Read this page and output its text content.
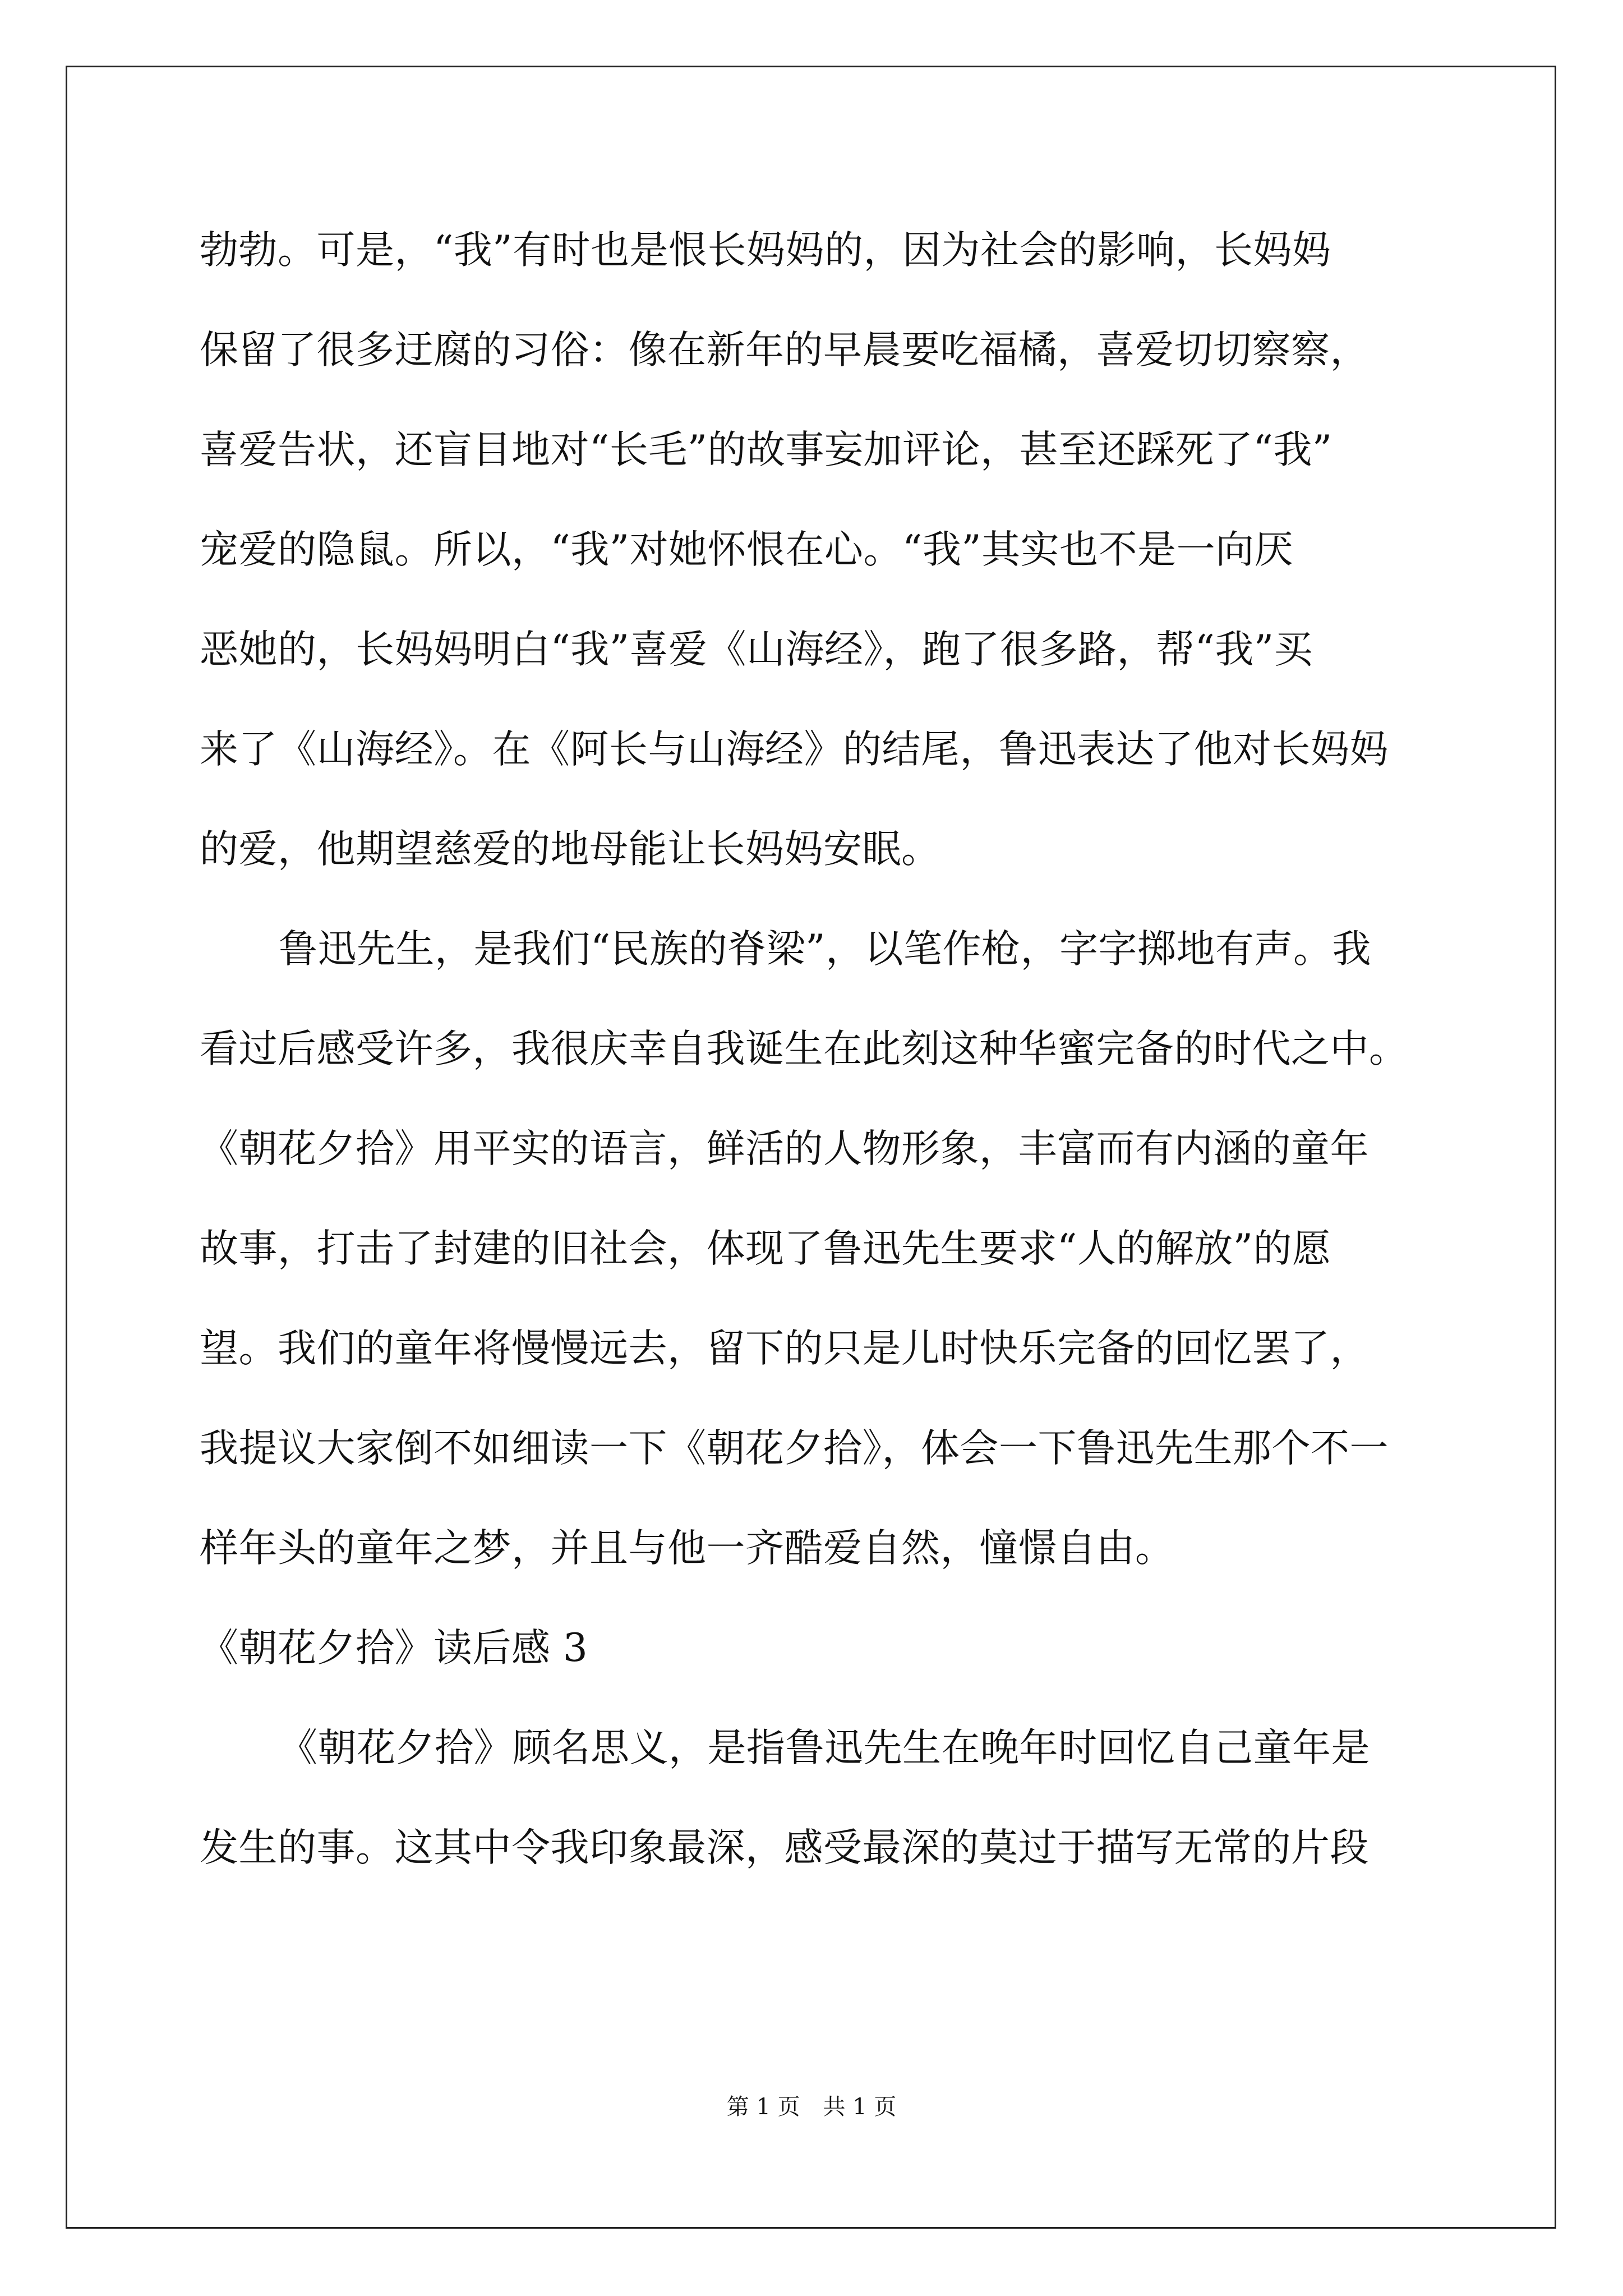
勃勃。可是，“我”有时也是恨长妈妈的，因为社会的影响，长妈妈
保留了很多迂腐的习俗：像在新年的早晨要吃福橘，喜爱切切察察，
喜爱告状，还盲目地对“长毛”的故事妄加评论，甚至还踩死了“我”
宠爱的隐鼠。所以，“我”对她怀恨在心。“我”其实也不是一向厌
恶她的，长妈妈明白“我”喜爱《山海经》，跑了很多路，帮“我”买
来了《山海经》。在《阿长与山海经》的结尾，鲁迅表达了他对长妈妈
的爱，他期望慈爱的地母能让长妈妈安眠。
鲁迅先生，是我们“民族的脊梁”，以笔作枪，字字掷地有声。我
看过后感受许多，我很庆幸自我诞生在此刻这种华蜜完备的时代之中。
《朝花夕拾》用平实的语言，鲜活的人物形象，丰富而有内涵的童年
故事，打击了封建的旧社会，体现了鲁迅先生要求“人的解放”的愿
望。我们的童年将慢慢远去，留下的只是儿时快乐完备的回忆罢了，
我提议大家倒不如细读一下《朝花夕拾》，体会一下鲁迅先生那个不一
样年头的童年之梦，并且与他一齐酷爱自然，憧憬自由。
《朝花夕拾》读后感 3
《朝花夕拾》顾名思义，是指鲁迅先生在晚年时回忆自己童年是
发生的事。这其中令我印象最深，感受最深的莫过于描写无常的片段
第 1 页 共 1 页
